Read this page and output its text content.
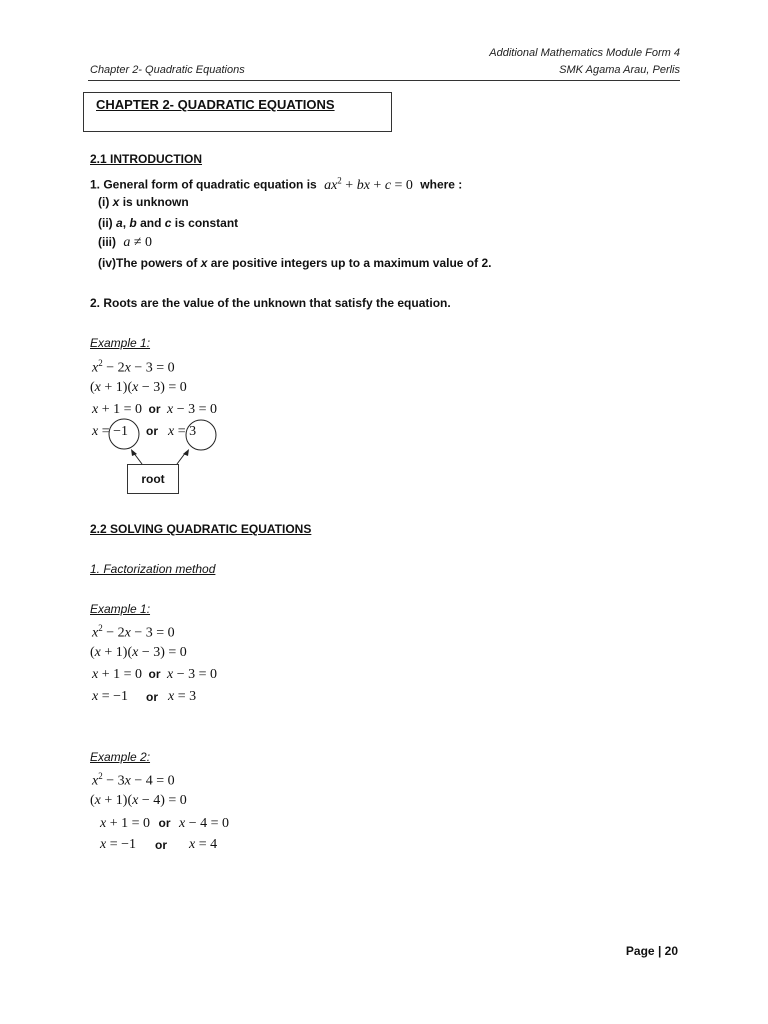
Additional Mathematics Module Form 4
Chapter 2- Quadratic Equations	SMK Agama Arau, Perlis
CHAPTER 2- QUADRATIC EQUATIONS
2.1 INTRODUCTION
1. General form of quadratic equation is $ax^2$ + bx + c = 0 where :
(i) x is unknown
(ii) a, b and c is constant
(iii) a ≠ 0
(iv)The powers of x are positive integers up to a maximum value of 2.
2. Roots are the value of the unknown that satisfy the equation.
Example 1:
$x^2 - 2x - 3 = 0$
(x + 1)(x − 3) = 0
x + 1 = 0 or x − 3 = 0
x = −1 or x = 3
root
2.2 SOLVING QUADRATIC EQUATIONS
1. Factorization method
Example 1:
$x^2 - 2x - 3 = 0$
(x + 1)(x − 3) = 0
x + 1 = 0 or x − 3 = 0
x = −1 or x = 3
Example 2:
$x^2 - 3x - 4 = 0$
(x + 1)(x − 4) = 0
x + 1 = 0 or x − 4 = 0
x = −1 or x = 4
Page | 20
